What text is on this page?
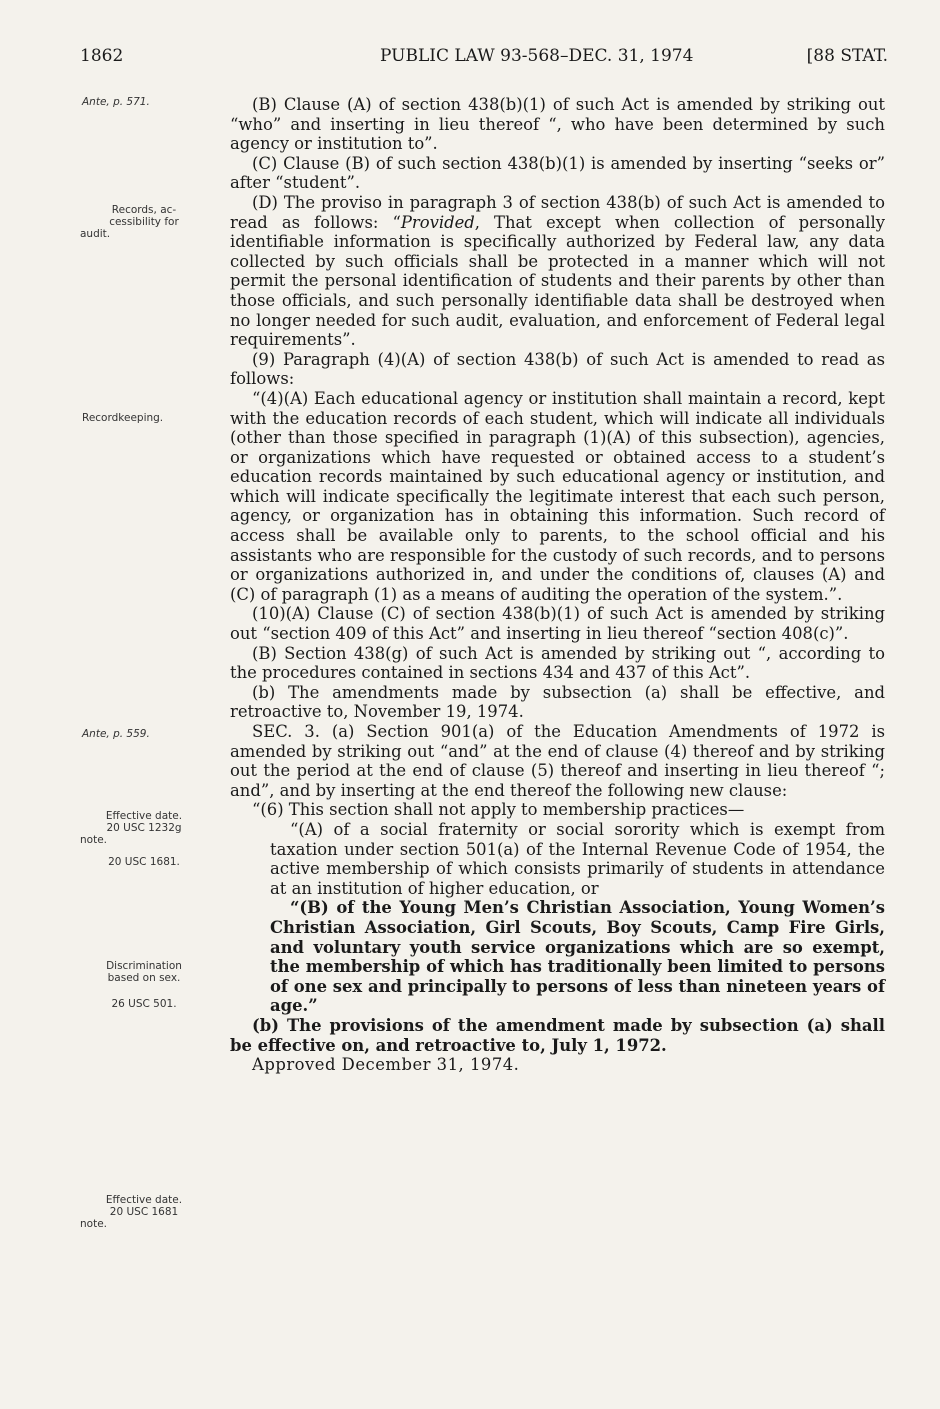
1862	PUBLIC LAW 93-568–DEC. 31, 1974	[88 STAT.
Ante, p. 571.
Records, ac-
cessibility for
audit.
Recordkeeping.
Ante, p. 559.
Effective date.
20 USC 1232g
note.
20 USC 1681.
Discrimination
based on sex.
26 USC 501.
Effective date.
20 USC 1681
note.

(B) Clause (A) of section 438(b)(1) of such Act is amended by striking out “who” and inserting in lieu thereof “, who have been determined by such agency or institution to”.

(C) Clause (B) of such section 438(b)(1) is amended by inserting “seeks or” after “student”.

(D) The proviso in paragraph 3 of section 438(b) of such Act is amended to read as follows: “Provided, That except when collection of personally identifiable information is specifically authorized by Federal law, any data collected by such officials shall be protected in a manner which will not permit the personal identification of students and their parents by other than those officials, and such personally identifiable data shall be destroyed when no longer needed for such audit, evaluation, and enforcement of Federal legal requirements”.

(9) Paragraph (4)(A) of section 438(b) of such Act is amended to read as follows:

“(4)(A) Each educational agency or institution shall maintain a record, kept with the education records of each student, which will indicate all individuals (other than those specified in paragraph (1)(A) of this subsection), agencies, or organizations which have requested or obtained access to a student’s education records maintained by such educational agency or institution, and which will indicate specifically the legitimate interest that each such person, agency, or organization has in obtaining this information. Such record of access shall be available only to parents, to the school official and his assistants who are responsible for the custody of such records, and to persons or organizations authorized in, and under the conditions of, clauses (A) and (C) of paragraph (1) as a means of auditing the operation of the system.”.

(10)(A) Clause (C) of section 438(b)(1) of such Act is amended by striking out “section 409 of this Act” and inserting in lieu thereof “section 408(c)”.

(B) Section 438(g) of such Act is amended by striking out “, according to the procedures contained in sections 434 and 437 of this Act”.

(b) The amendments made by subsection (a) shall be effective, and retroactive to, November 19, 1974.

SEC. 3. (a) Section 901(a) of the Education Amendments of 1972 is amended by striking out “and” at the end of clause (4) thereof and by striking out the period at the end of clause (5) thereof and inserting in lieu thereof “; and”, and by inserting at the end thereof the following new clause:

“(6) This section shall not apply to membership practices—

“(A) of a social fraternity or social sorority which is exempt from taxation under section 501(a) of the Internal Revenue Code of 1954, the active membership of which consists primarily of students in attendance at an institution of higher education, or

“(B) of the Young Men’s Christian Association, Young Women’s Christian Association, Girl Scouts, Boy Scouts, Camp Fire Girls, and voluntary youth service organizations which are so exempt, the membership of which has traditionally been limited to persons of one sex and principally to persons of less than nineteen years of age.”

(b) The provisions of the amendment made by subsection (a) shall be effective on, and retroactive to, July 1, 1972.

Approved December 31, 1974.
